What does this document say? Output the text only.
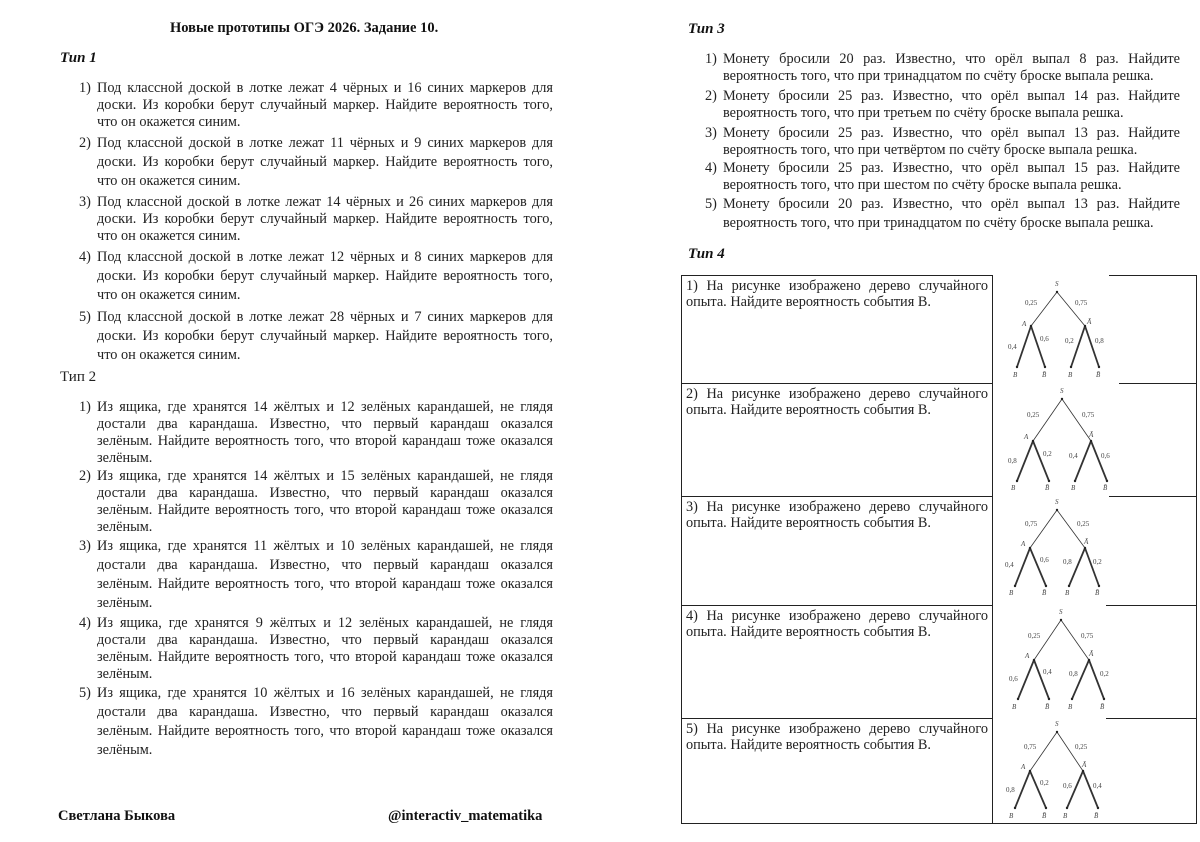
Новые прототипы ОГЭ 2026. Задание 10.
Тип 1
1) Под классной доской в лотке лежат 4 чёрных и 16 синих маркеров для доски. Из коробки берут случайный маркер. Найдите вероятность того, что он окажется синим.
2) Под классной доской в лотке лежат 11 чёрных и 9 синих маркеров для доски. Из коробки берут случайный маркер. Найдите вероятность того, что он окажется синим.
3) Под классной доской в лотке лежат 14 чёрных и 26 синих маркеров для доски. Из коробки берут случайный маркер. Найдите вероятность того, что он окажется синим.
4) Под классной доской в лотке лежат 12 чёрных и 8 синих маркеров для доски. Из коробки берут случайный маркер. Найдите вероятность того, что он окажется синим.
5) Под классной доской в лотке лежат 28 чёрных и 7 синих маркеров для доски. Из коробки берут случайный маркер. Найдите вероятность того, что он окажется синим.
Тип 2
1) Из ящика, где хранятся 14 жёлтых и 12 зелёных карандашей, не глядя достали два карандаша. Известно, что первый карандаш оказался зелёным. Найдите вероятность того, что второй карандаш тоже оказался зелёным.
2) Из ящика, где хранятся 14 жёлтых и 15 зелёных карандашей, не глядя достали два карандаша. Известно, что первый карандаш оказался зелёным. Найдите вероятность того, что второй карандаш тоже оказался зелёным.
3) Из ящика, где хранятся 11 жёлтых и 10 зелёных карандашей, не глядя достали два карандаша. Известно, что первый карандаш оказался зелёным. Найдите вероятность того, что второй карандаш тоже оказался зелёным.
4) Из ящика, где хранятся 9 жёлтых и 12 зелёных карандашей, не глядя достали два карандаша. Известно, что первый карандаш оказался зелёным. Найдите вероятность того, что второй карандаш тоже оказался зелёным.
5) Из ящика, где хранятся 10 жёлтых и 16 зелёных карандашей, не глядя достали два карандаша. Известно, что первый карандаш оказался зелёным. Найдите вероятность того, что второй карандаш тоже оказался зелёным.
Светлана Быкова	@interactiv_matematika
Тип 3
1) Монету бросили 20 раз. Известно, что орёл выпал 8 раз. Найдите вероятность того, что при тринадцатом по счёту броске выпала решка.
2) Монету бросили 25 раз. Известно, что орёл выпал 14 раз. Найдите вероятность того, что при третьем по счёту броске выпала решка.
3) Монету бросили 25 раз. Известно, что орёл выпал 13 раз. Найдите вероятность того, что при четвёртом по счёту броске выпала решка.
4) Монету бросили 25 раз. Известно, что орёл выпал 15 раз. Найдите вероятность того, что при шестом по счёту броске выпала решка.
5) Монету бросили 20 раз. Известно, что орёл выпал 13 раз. Найдите вероятность того, что при тринадцатом по счёту броске выпала решка.
Тип 4
1) На рисунке изображено дерево случайного опыта. Найдите вероятность события B.
S
A	Ā
B	B̄	B	B̄
0,25	0,75
0,4
0,6 0,2	0,8
2) На рисунке изображено дерево случайного опыта. Найдите вероятность события B.
S
A	Ā
B	B̄	B	B̄
0,25	0,75
0,8
0,2 0,4	0,6
3) На рисунке изображено дерево случайного опыта. Найдите вероятность события B.
S
A	Ā
B	B̄	B	B̄
0,75	0,25
0,4
0,6 0,8	0,2
4) На рисунке изображено дерево случайного опыта. Найдите вероятность события B.
S
A	Ā
B	B̄	B	B̄
0,25	0,75
0,6
0,4 0,8	0,2
5) На рисунке изображено дерево случайного опыта. Найдите вероятность события B.
S
A	Ā
B	B̄ B	B̄
0,75	0,25
0,8
0,2 0,6	0,4
